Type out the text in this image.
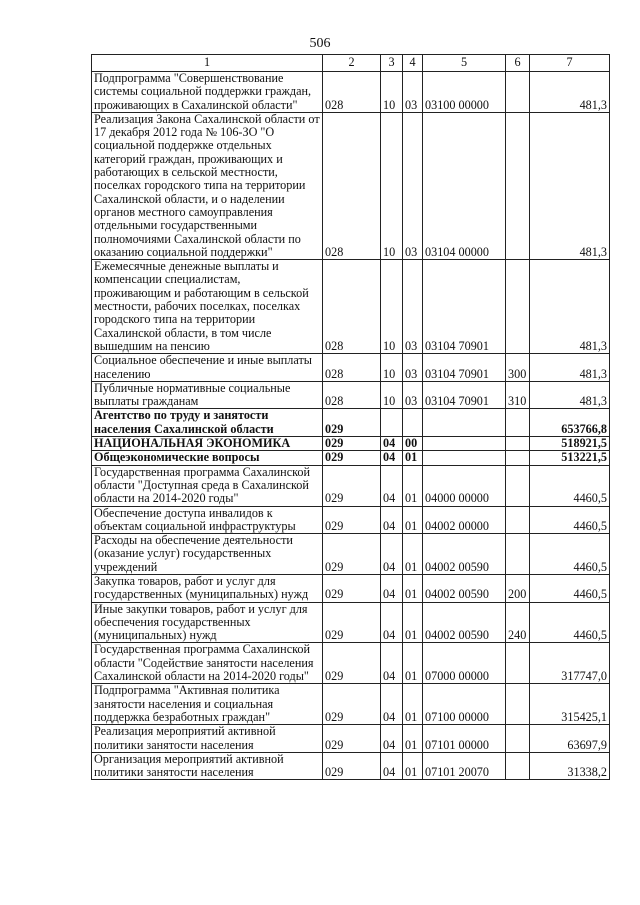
506
1	2	3	4	5	6	7
Подпрограмма "Совершенствование системы социальной поддержки граждан, проживающих в Сахалинской области"	028	10	03	03100 00000		481,3
Реализация Закона Сахалинской области от 17 декабря 2012 года № 106-ЗО "О социальной поддержке отдельных категорий граждан, проживающих и работающих в сельской местности, поселках городского типа на территории Сахалинской области, и о наделении органов местного самоуправления отдельными государственными полномочиями Сахалинской области по оказанию социальной поддержки"	028	10	03	03104 00000		481,3
Ежемесячные денежные выплаты и компенсации специалистам, проживающим и работающим в сельской местности, рабочих поселках, поселках городского типа на территории Сахалинской области, в том числе вышедшим на пенсию	028	10	03	03104 70901		481,3
Социальное обеспечение и иные выплаты населению	028	10	03	03104 70901	300	481,3
Публичные нормативные социальные выплаты гражданам	028	10	03	03104 70901	310	481,3
Агентство по труду и занятости населения Сахалинской области	029					653766,8
НАЦИОНАЛЬНАЯ ЭКОНОМИКА	029	04	00			518921,5
Общеэкономические вопросы	029	04	01			513221,5
Государственная программа Сахалинской области "Доступная среда в Сахалинской области на 2014-2020 годы"	029	04	01	04000 00000		4460,5
Обеспечение доступа инвалидов к объектам социальной инфраструктуры	029	04	01	04002 00000		4460,5
Расходы на обеспечение деятельности (оказание услуг) государственных учреждений	029	04	01	04002 00590		4460,5
Закупка товаров, работ и услуг для государственных (муниципальных) нужд	029	04	01	04002 00590	200	4460,5
Иные закупки товаров, работ и услуг для обеспечения государственных (муниципальных) нужд	029	04	01	04002 00590	240	4460,5
Государственная программа Сахалинской области "Содействие занятости населения Сахалинской области на 2014-2020 годы"	029	04	01	07000 00000		317747,0
Подпрограмма "Активная политика занятости населения и социальная поддержка безработных граждан"	029	04	01	07100 00000		315425,1
Реализация мероприятий активной политики занятости населения	029	04	01	07101 00000		63697,9
Организация мероприятий активной политики занятости населения	029	04	01	07101 20070		31338,2
